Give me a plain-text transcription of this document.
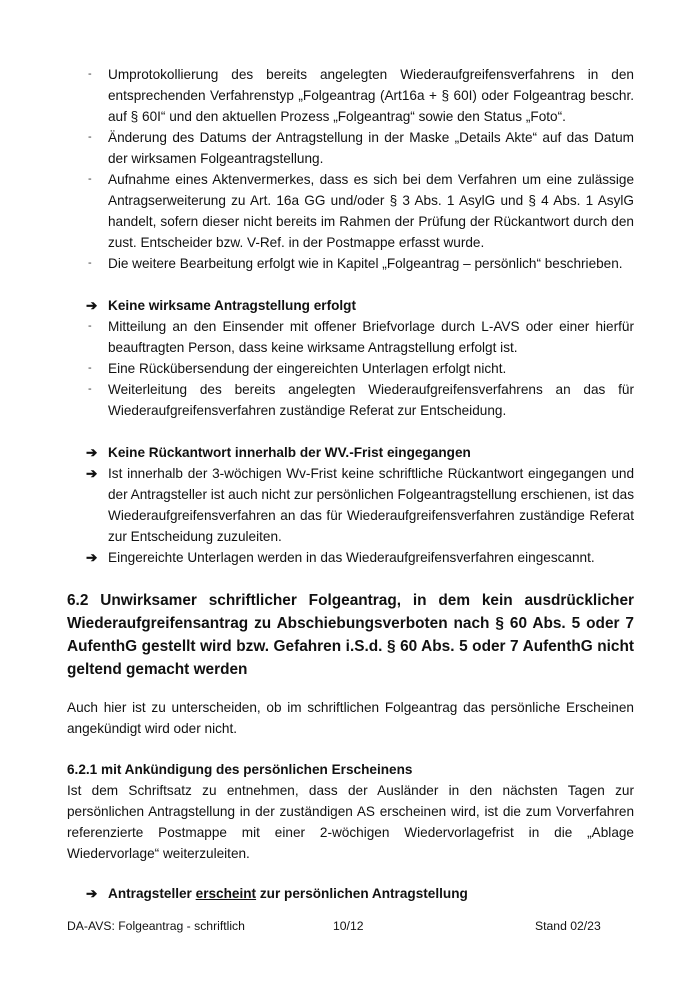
- Umprotokollierung des bereits angelegten Wiederaufgreifensverfahrens in den entsprechenden Verfahrenstyp „Folgeantrag (Art16a + § 60I) oder Folgeantrag beschr. auf § 60I“ und den aktuellen Prozess „Folgeantrag“ sowie den Status „Foto“.
- Änderung des Datums der Antragstellung in der Maske „Details Akte“ auf das Datum der wirksamen Folgeantragstellung.
- Aufnahme eines Aktenvermerkes, dass es sich bei dem Verfahren um eine zulässige Antragserweiterung zu Art. 16a GG und/oder § 3 Abs. 1 AsylG und § 4 Abs. 1 AsylG handelt, sofern dieser nicht bereits im Rahmen der Prüfung der Rückantwort durch den zust. Entscheider bzw. V-Ref. in der Postmappe erfasst wurde.
- Die weitere Bearbeitung erfolgt wie in Kapitel „Folgeantrag – persönlich“ beschrieben.
➔ Keine wirksame Antragstellung erfolgt
- Mitteilung an den Einsender mit offener Briefvorlage durch L-AVS oder einer hierfür beauftragten Person, dass keine wirksame Antragstellung erfolgt ist.
- Eine Rückübersendung der eingereichten Unterlagen erfolgt nicht.
- Weiterleitung des bereits angelegten Wiederaufgreifensverfahrens an das für Wiederaufgreifensverfahren zuständige Referat zur Entscheidung.
➔ Keine Rückantwort innerhalb der WV.-Frist eingegangen
➔ Ist innerhalb der 3-wöchigen Wv-Frist keine schriftliche Rückantwort eingegangen und der Antragsteller ist auch nicht zur persönlichen Folgeantragstellung erschienen, ist das Wiederaufgreifensverfahren an das für Wiederaufgreifensverfahren zuständige Referat zur Entscheidung zuzuleiten.
➔ Eingereichte Unterlagen werden in das Wiederaufgreifensverfahren eingescannt.
6.2 Unwirksamer schriftlicher Folgeantrag, in dem kein ausdrücklicher Wiederaufgreifensantrag zu Abschiebungsverboten nach § 60 Abs. 5 oder 7 AufenthG gestellt wird bzw. Gefahren i.S.d. § 60 Abs. 5 oder 7 AufenthG nicht geltend gemacht werden

Auch hier ist zu unterscheiden, ob im schriftlichen Folgeantrag das persönliche Erscheinen angekündigt wird oder nicht.

6.2.1 mit Ankündigung des persönlichen Erscheinens

Ist dem Schriftsatz zu entnehmen, dass der Ausländer in den nächsten Tagen zur persönlichen Antragstellung in der zuständigen AS erscheinen wird, ist die zum Vorverfahren referenzierte Postmappe mit einer 2-wöchigen Wiedervorlagefrist in die „Ablage Wiedervorlage“ weiterzuleiten.

➔ Antragsteller erscheint zur persönlichen Antragstellung
DA-AVS: Folgeantrag - schriftlich	10/12	Stand 02/23
